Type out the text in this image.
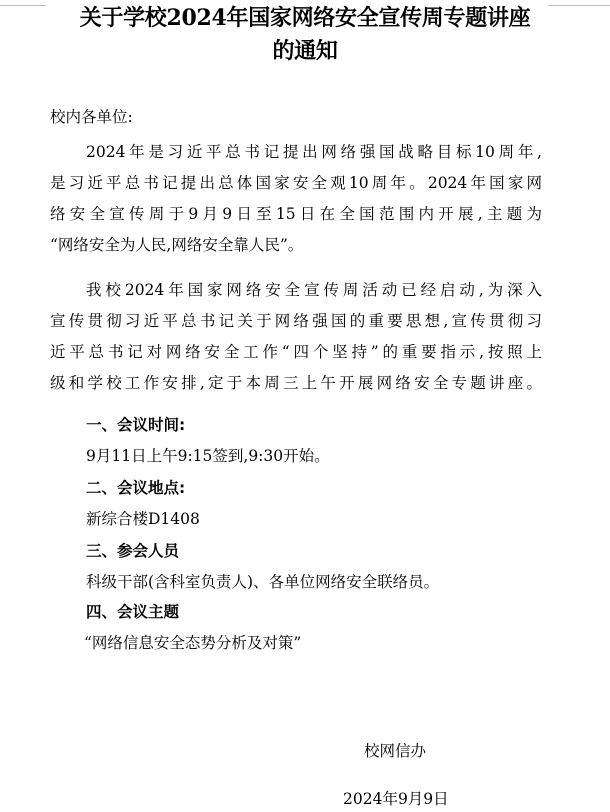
关于学校2024年国家网络安全宣传周专题讲座
的通知
校内各单位:
2024年是习近平总书记提出网络强国战略目标10周年,
是习近平总书记提出总体国家安全观10周年。2024年国家网
络安全宣传周于9月9日至15日在全国范围内开展,主题为
“网络安全为人民,网络安全靠人民”。
我校2024年国家网络安全宣传周活动已经启动,为深入
宣传贯彻习近平总书记关于网络强国的重要思想,宣传贯彻习
近平总书记对网络安全工作“四个坚持”的重要指示,按照上
级和学校工作安排,定于本周三上午开展网络安全专题讲座。
一、会议时间:
9月11日上午9:15签到,9:30开始。
二、会议地点:
新综合楼D1408
三、参会人员
科级干部(含科室负责人)、各单位网络安全联络员。
四、会议主题
“网络信息安全态势分析及对策”
校网信办
2024年9月9日
